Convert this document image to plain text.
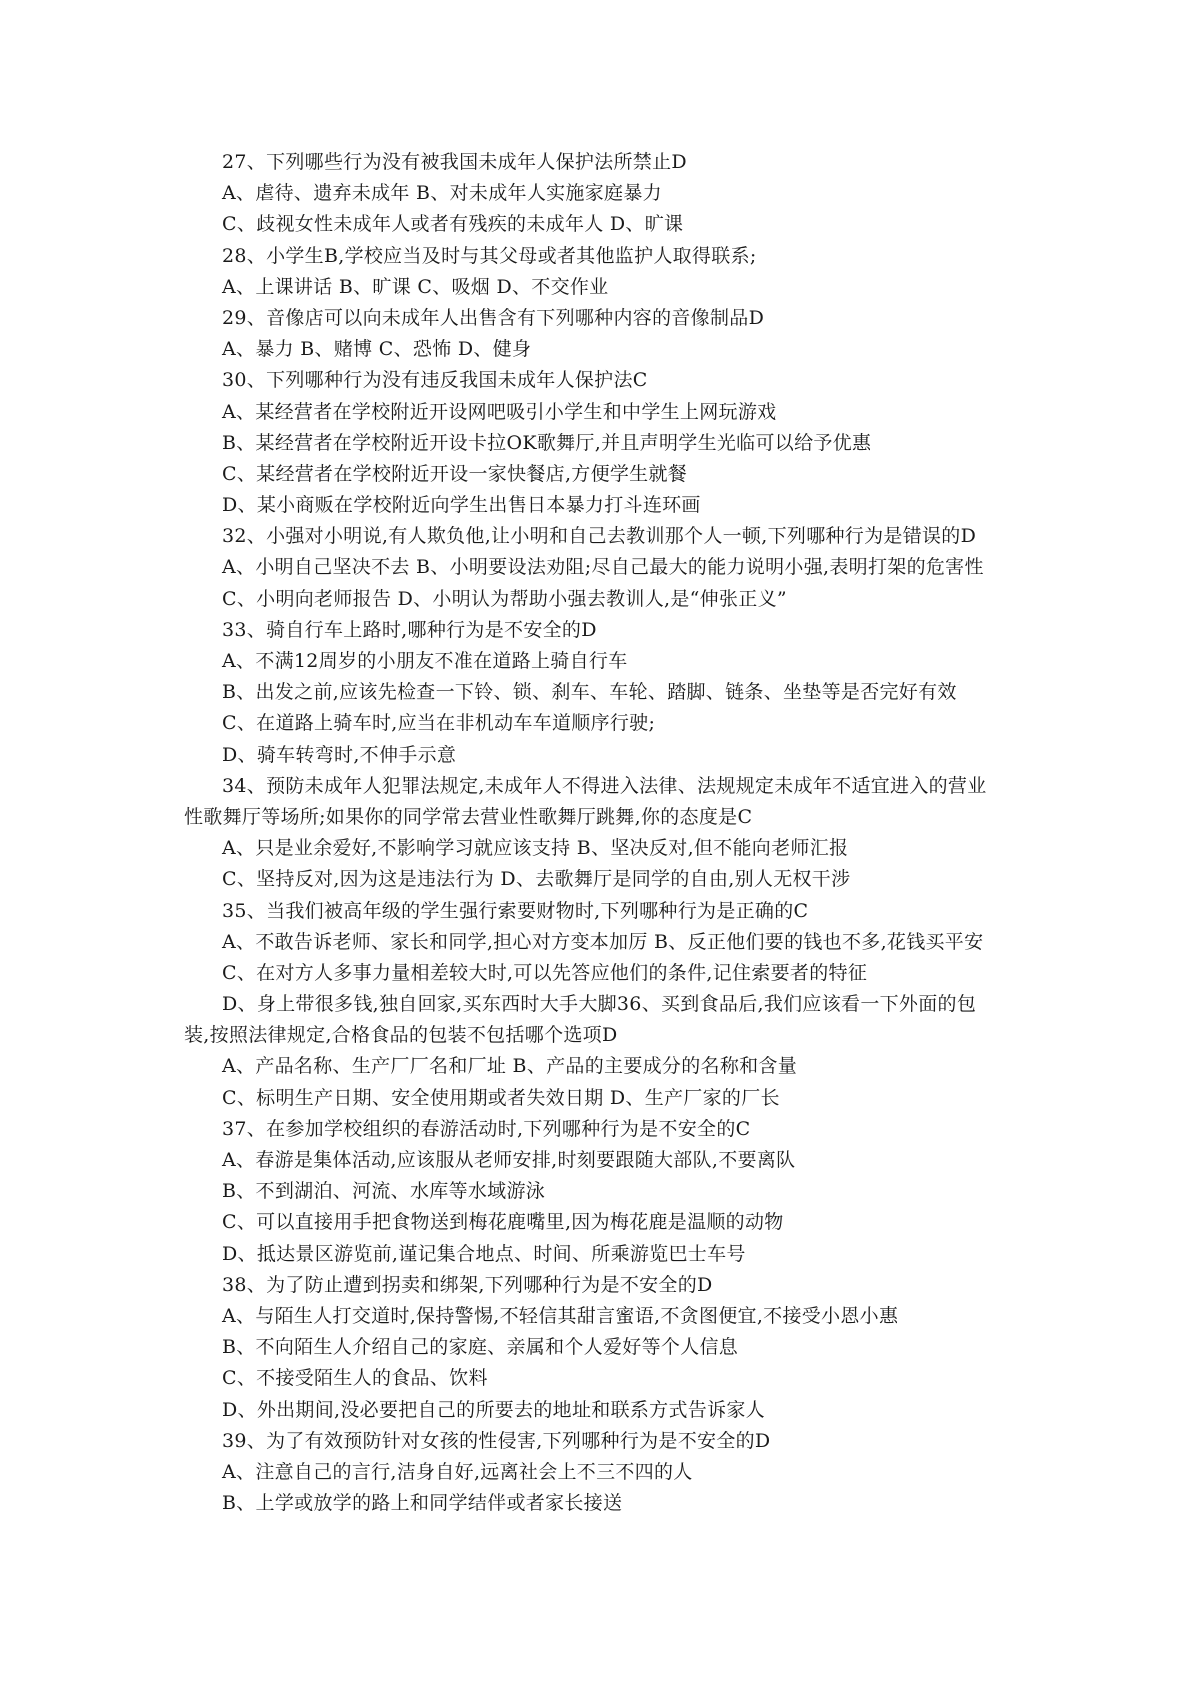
27、下列哪些行为没有被我国未成年人保护法所禁止D
A、虐待、遗弃未成年 B、对未成年人实施家庭暴力
C、歧视女性未成年人或者有残疾的未成年人 D、旷课
28、小学生B,学校应当及时与其父母或者其他监护人取得联系;
A、上课讲话 B、旷课 C、吸烟 D、不交作业
29、音像店可以向未成年人出售含有下列哪种内容的音像制品D
A、暴力 B、赌博 C、恐怖 D、健身
30、下列哪种行为没有违反我国未成年人保护法C
A、某经营者在学校附近开设网吧吸引小学生和中学生上网玩游戏
B、某经营者在学校附近开设卡拉OK歌舞厅,并且声明学生光临可以给予优惠
C、某经营者在学校附近开设一家快餐店,方便学生就餐
D、某小商贩在学校附近向学生出售日本暴力打斗连环画
32、小强对小明说,有人欺负他,让小明和自己去教训那个人一顿,下列哪种行为是错误的D
A、小明自己坚决不去 B、小明要设法劝阻;尽自己最大的能力说明小强,表明打架的危害性
C、小明向老师报告 D、小明认为帮助小强去教训人,是“伸张正义”
33、骑自行车上路时,哪种行为是不安全的D
A、不满12周岁的小朋友不准在道路上骑自行车
B、出发之前,应该先检查一下铃、锁、刹车、车轮、踏脚、链条、坐垫等是否完好有效
C、在道路上骑车时,应当在非机动车车道顺序行驶;
D、骑车转弯时,不伸手示意
34、预防未成年人犯罪法规定,未成年人不得进入法律、法规规定未成年不适宜进入的营业
性歌舞厅等场所;如果你的同学常去营业性歌舞厅跳舞,你的态度是C
A、只是业余爱好,不影响学习就应该支持 B、坚决反对,但不能向老师汇报
C、坚持反对,因为这是违法行为 D、去歌舞厅是同学的自由,别人无权干涉
35、当我们被高年级的学生强行索要财物时,下列哪种行为是正确的C
A、不敢告诉老师、家长和同学,担心对方变本加厉 B、反正他们要的钱也不多,花钱买平安
C、在对方人多事力量相差较大时,可以先答应他们的条件,记住索要者的特征
D、身上带很多钱,独自回家,买东西时大手大脚36、买到食品后,我们应该看一下外面的包
装,按照法律规定,合格食品的包装不包括哪个选项D
A、产品名称、生产厂厂名和厂址 B、产品的主要成分的名称和含量
C、标明生产日期、安全使用期或者失效日期 D、生产厂家的厂长
37、在参加学校组织的春游活动时,下列哪种行为是不安全的C
A、春游是集体活动,应该服从老师安排,时刻要跟随大部队,不要离队
B、不到湖泊、河流、水库等水域游泳
C、可以直接用手把食物送到梅花鹿嘴里,因为梅花鹿是温顺的动物
D、抵达景区游览前,谨记集合地点、时间、所乘游览巴士车号
38、为了防止遭到拐卖和绑架,下列哪种行为是不安全的D
A、与陌生人打交道时,保持警惕,不轻信其甜言蜜语,不贪图便宜,不接受小恩小惠
B、不向陌生人介绍自己的家庭、亲属和个人爱好等个人信息
C、不接受陌生人的食品、饮料
D、外出期间,没必要把自己的所要去的地址和联系方式告诉家人
39、为了有效预防针对女孩的性侵害,下列哪种行为是不安全的D
A、注意自己的言行,洁身自好,远离社会上不三不四的人
B、上学或放学的路上和同学结伴或者家长接送
